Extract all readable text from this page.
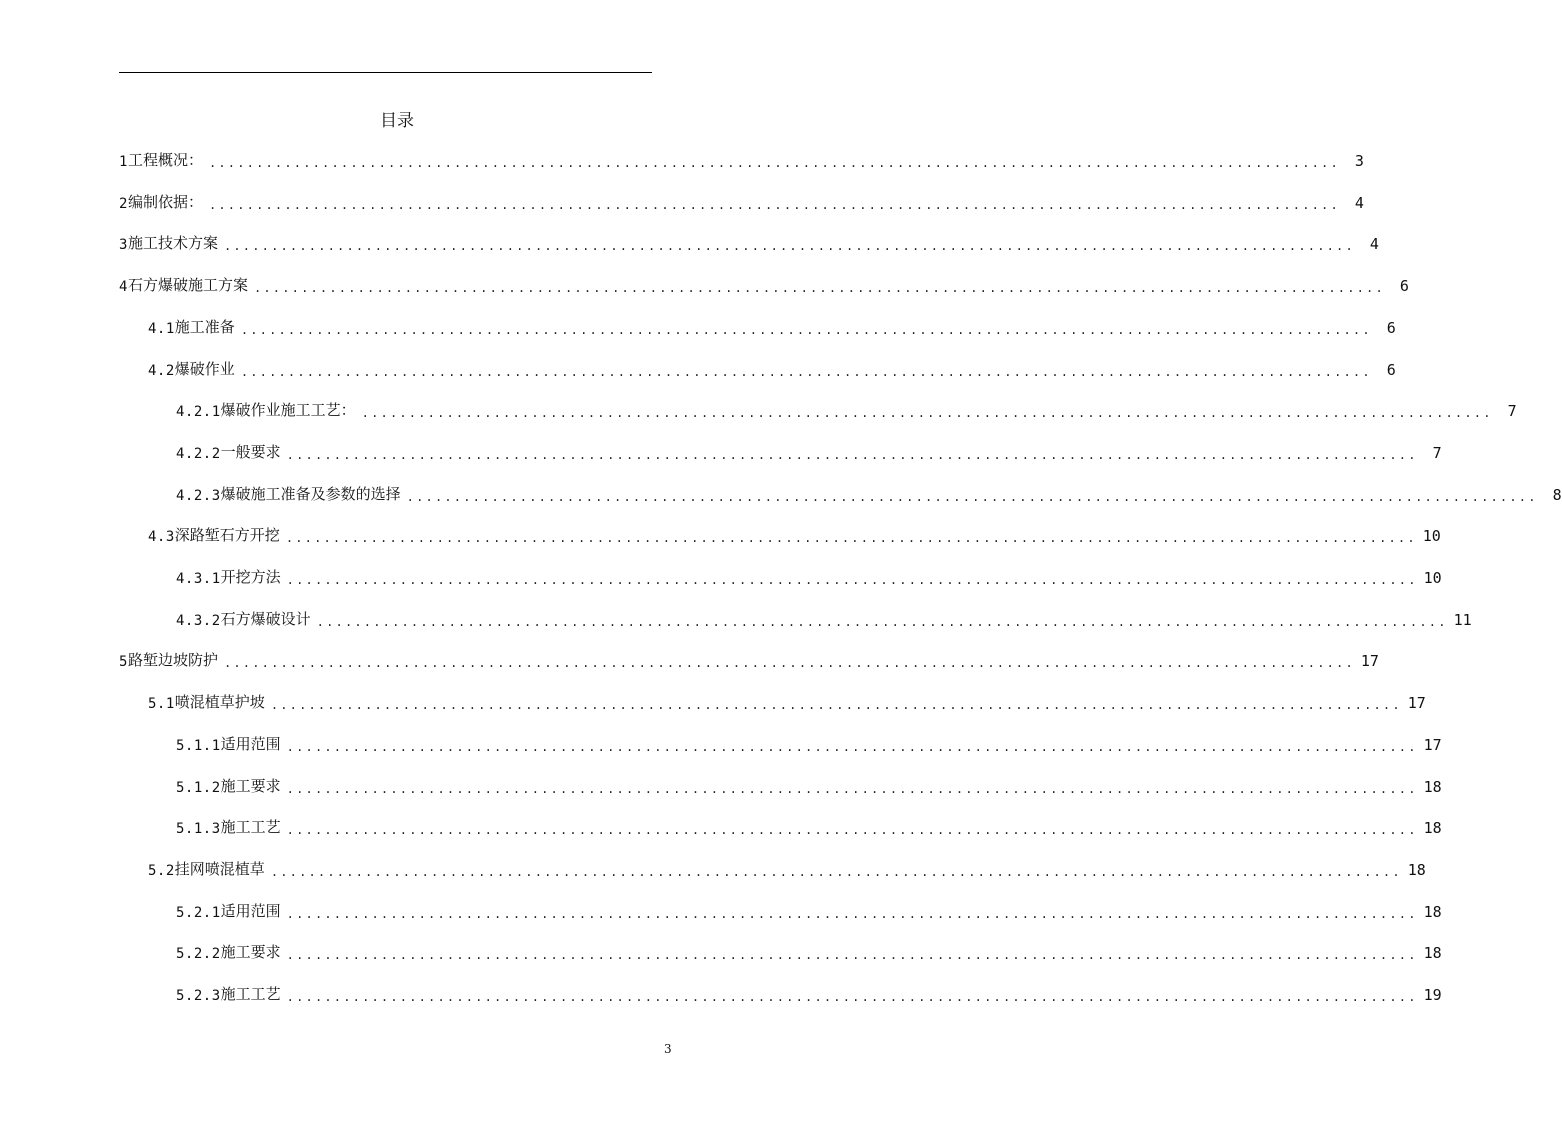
目录
1 工程概况： ........................................................................................................................ 3
2 编制依据： ........................................................................................................................ 4
3 施工技术方案 ........................................................................................................................ 4
4 石方爆破施工方案 ........................................................................................................................ 6
4.1 施工准备 ........................................................................................................................ 6
4.2 爆破作业 ........................................................................................................................ 6
4.2.1 爆破作业施工工艺： ........................................................................................................................ 7
4.2.2 一般要求 ........................................................................................................................ 7
4.2.3 爆破施工准备及参数的选择 ........................................................................................................................ 8
4.3 深路堑石方开挖 ........................................................................................................................ 10
4.3.1 开挖方法 ........................................................................................................................ 10
4.3.2 石方爆破设计 ........................................................................................................................ 11
5 路堑边坡防护 ........................................................................................................................ 17
5.1 喷混植草护坡 ........................................................................................................................ 17
5.1.1 适用范围 ........................................................................................................................ 17
5.1.2 施工要求 ........................................................................................................................ 18
5.1.3 施工工艺 ........................................................................................................................ 18
5.2 挂网喷混植草 ........................................................................................................................ 18
5.2.1 适用范围 ........................................................................................................................ 18
5.2.2 施工要求 ........................................................................................................................ 18
5.2.3 施工工艺 ........................................................................................................................ 19
3
